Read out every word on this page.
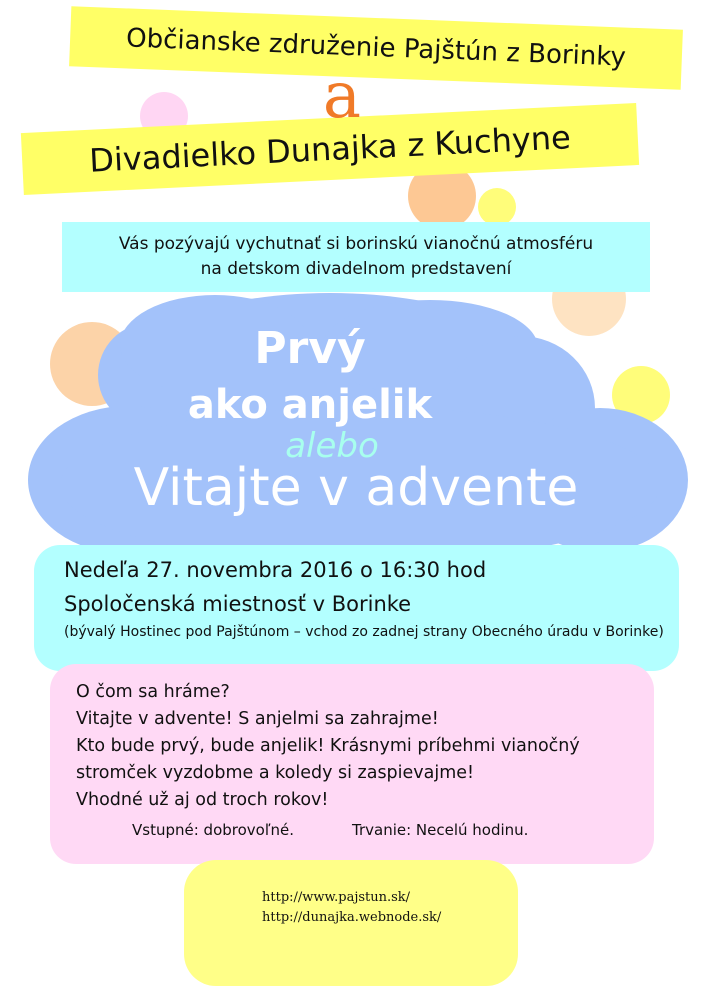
Občianske združenie Pajštún z Borinky
Divadielko Dunajka z Kuchyne
a
Vás pozývajú vychutnať si borinskú vianočnú atmosféru
na detskom divadelnom predstavení
Prvý
ako anjelik
Vitajte v advente
alebo
Nedeľa 27. novembra 2016 o 16:30 hod
Spoločenská miestnosť v Borinke
(bývalý Hostinec pod Pajštúnom – vchod zo zadnej strany Obecného úradu v Borinke)
O čom sa hráme?
Vitajte v advente! S anjelmi sa zahrajme!
Kto bude prvý, bude anjelik! Krásnymi príbehmi vianočný
stromček vyzdobme a koledy si zaspievajme!
Vhodné už aj od troch rokov!
Vstupné: dobrovoľné.	Trvanie: Necelú hodinu.
http://www.pajstun.sk/
http://dunajka.webnode.sk/
